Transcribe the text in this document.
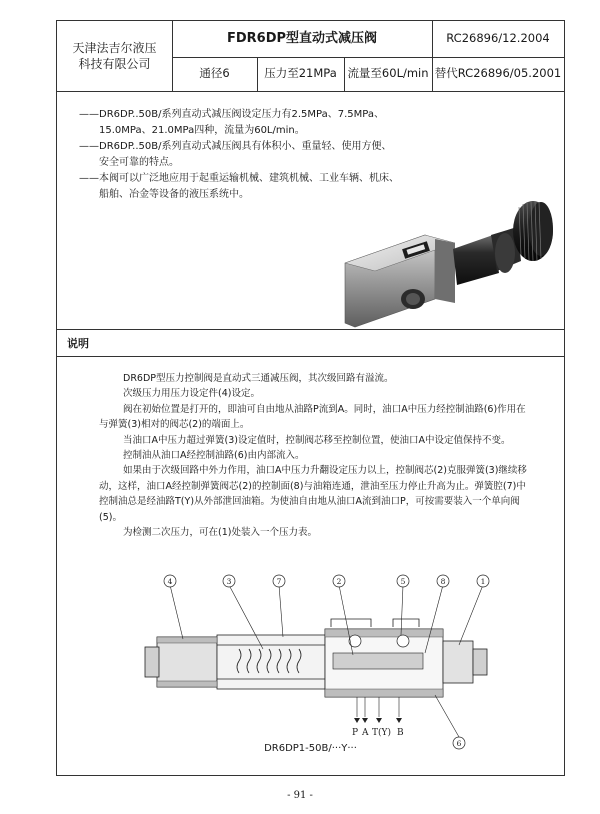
天津法吉尔液压科技有限公司
FDR6DP型直动式减压阀	RC26896/12.2004
通径6	压力至21MPa 流量至60L/min 替代RC26896/05.2001

——DR6DP..50B/系列直动式减压阀设定压力有2.5MPa、7.5MPa、

15.0MPa、21.0MPa四种，流量为60L/min。

——DR6DP..50B/系列直动式减压阀具有体积小、重量轻、使用方便、

安全可靠的特点。

——本阀可以广泛地应用于起重运输机械、建筑机械、工业车辆、机床、

船舶、冶金等设备的液压系统中。

说明

DR6DP型压力控制阀是直动式三通减压阀，其次级回路有溢流。

次级压力用压力设定件(4)设定。

阀在初始位置是打开的，即油可自由地从油路P流到A。同时，油口A中压力经控制油路(6)作用在与弹簧(3)相对的阀芯(2)的端面上。

当油口A中压力超过弹簧(3)设定值时，控制阀芯移至控制位置，使油口A中设定值保持不变。

控制油从油口A经控制油路(6)由内部流入。

如果由于次级回路中外力作用，油口A中压力升翻设定压力以上，控制阀芯(2)克服弹簧(3)继续移动，这样，油口A经控制弹簧阀芯(2)的控制面(8)与油箱连通，泄油至压力停止升高为止。弹簧腔(7)中控制油总是经油路T(Y)从外部泄回油箱。为使油自由地从油口A流到油口P，可按需要装入一个单向阀(5)。

为检测二次压力，可在(1)处装入一个压力表。

P A T(Y) B
4	3	7	2	5	8	1
6
DR6DP1-50B/···Y···
- 91 -
